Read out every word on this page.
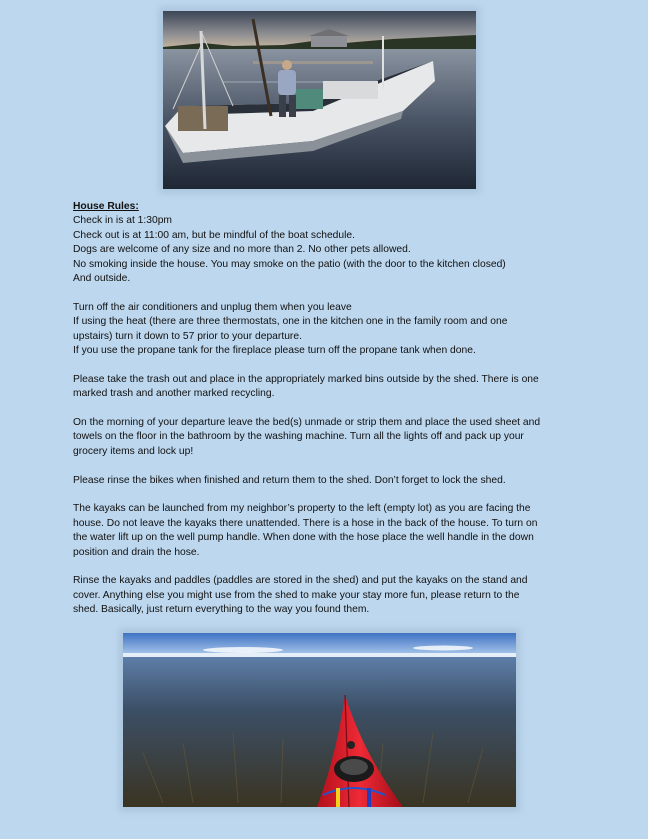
House Rules:
Check in is at 1:30pm
Check out is at 11:00 am, but be mindful of the boat schedule.
Dogs are welcome of any size and no more than 2. No other pets allowed.
No smoking inside the house. You may smoke on the patio (with the door to the kitchen closed)
And outside.

Turn off the air conditioners and unplug them when you leave
If using the heat (there are three thermostats, one in the kitchen one in the family room and one
upstairs) turn it down to 57 prior to your departure.
If you use the propane tank for the fireplace please turn off the propane tank when done.

Please take the trash out and place in the appropriately marked bins outside by the shed. There is one
marked trash and another marked recycling.

On the morning of your departure leave the bed(s) unmade or strip them and place the used sheet and
towels on the floor in the bathroom by the washing machine. Turn all the lights off and pack up your
grocery items and lock up!

Please rinse the bikes when finished and return them to the shed. Don’t forget to lock the shed.

The kayaks can be launched from my neighbor’s property to the left (empty lot) as you are facing the
house. Do not leave the kayaks there unattended. There is a hose in the back of the house. To turn on
the water lift up on the well pump handle. When done with the hose place the well handle in the down
position and drain the hose.

Rinse the kayaks and paddles (paddles are stored in the shed) and put the kayaks on the stand and
cover. Anything else you might use from the shed to make your stay more fun, please return to the
shed. Basically, just return everything to the way you found them.
